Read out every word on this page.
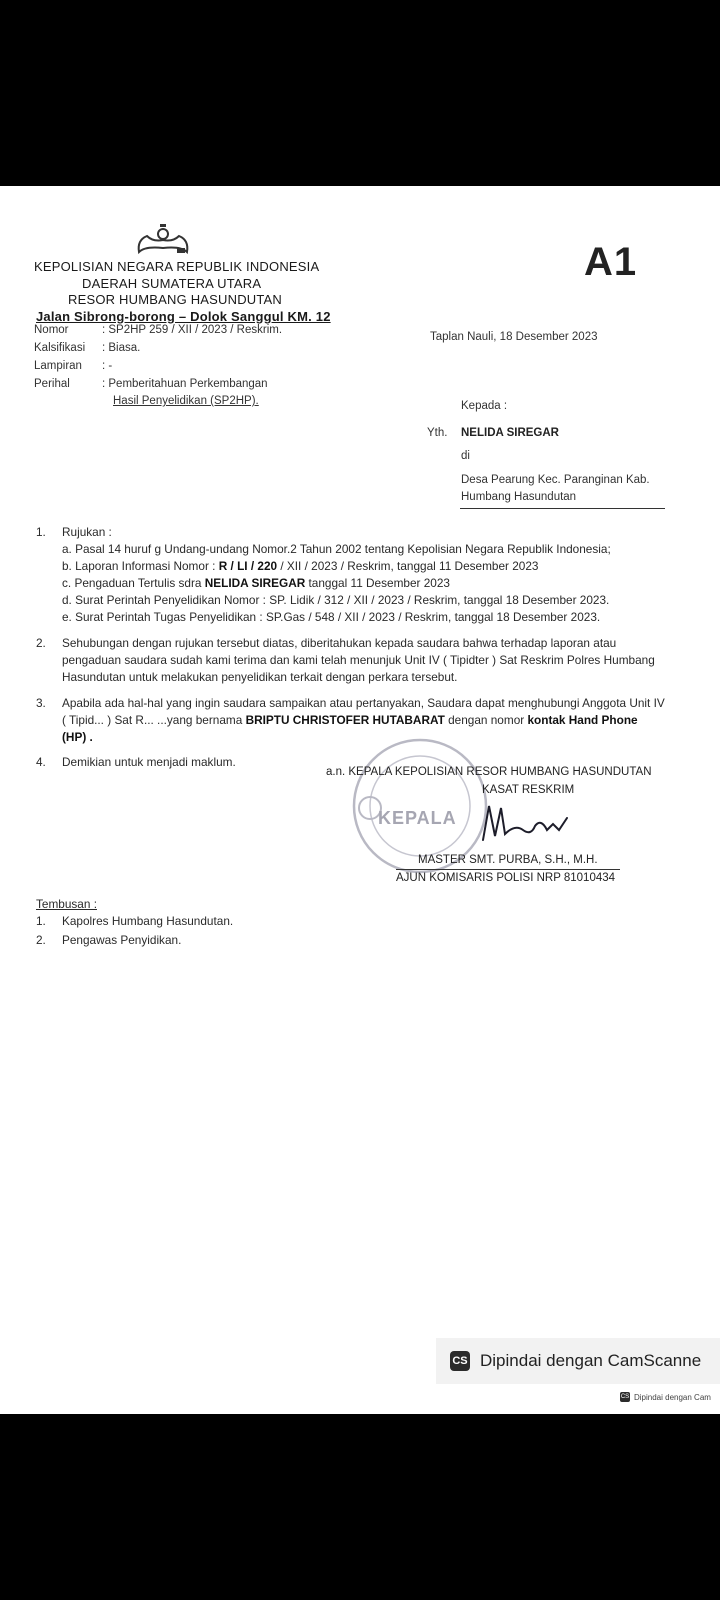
A1
KEPOLISIAN NEGARA REPUBLIK INDONESIA
DAERAH SUMATERA UTARA
RESOR HUMBANG HASUNDUTAN
Jalan Sibrong-borong – Dolok Sanggul KM. 12
Nomor	: SP2HP 259 / XII / 2023 / Reskrim.
Kalsifikasi : Biasa.
Lampiran : -
Perihal	: Pemberitahuan Perkembangan
Hasil Penyelidikan (SP2HP).
Taplan Nauli, 18 Desember 2023
Kepada :
Yth. NELIDA SIREGAR
di
Desa Pearung Kec. Paranginan Kab.
Humbang Hasundutan
1. Rujukan :
a. Pasal 14 huruf g Undang-undang Nomor.2 Tahun 2002 tentang Kepolisian Negara Republik Indonesia;
b. Laporan Informasi Nomor : R / LI / 220 / XII / 2023 / Reskrim, tanggal 11 Desember 2023
c. Pengaduan Tertulis sdra NELIDA SIREGAR tanggal 11 Desember 2023
d. Surat Perintah Penyelidikan Nomor : SP. Lidik / 312 / XII / 2023 / Reskrim, tanggal 18 Desember 2023.
e. Surat Perintah Tugas Penyelidikan : SP.Gas / 548 / XII / 2023 / Reskrim, tanggal 18 Desember 2023.
2. Sehubungan dengan rujukan tersebut diatas, diberitahukan kepada saudara bahwa terhadap laporan atau
pengaduan saudara sudah kami terima dan kami telah menunjuk Unit IV ( Tipidter ) Sat Reskrim Polres Humbang
Hasundutan untuk melakukan penyelidikan terkait dengan perkara tersebut.
3. Apabila ada hal-hal yang ingin saudara sampaikan atau pertanyakan, Saudara dapat menghubungi Anggota Unit IV
( Tipid... ) Sat R... ...yang bernama BRIPTU CHRISTOFER HUTABARAT dengan nomor kontak Hand Phone
(HP) .
4. Demikian untuk menjadi maklum.
KEPALA
a.n. KEPALA KEPOLISIAN RESOR HUMBANG HASUNDUTAN
KASAT RESKRIM
MASTER SMT. PURBA, S.H., M.H.
AJUN KOMISARIS POLISI NRP 81010434
Tembusan :
1. Kapolres Humbang Hasundutan.
2. Pengawas Penyidikan.
CS Dipindai dengan CamScanne
CS Dipindai dengan Cam
